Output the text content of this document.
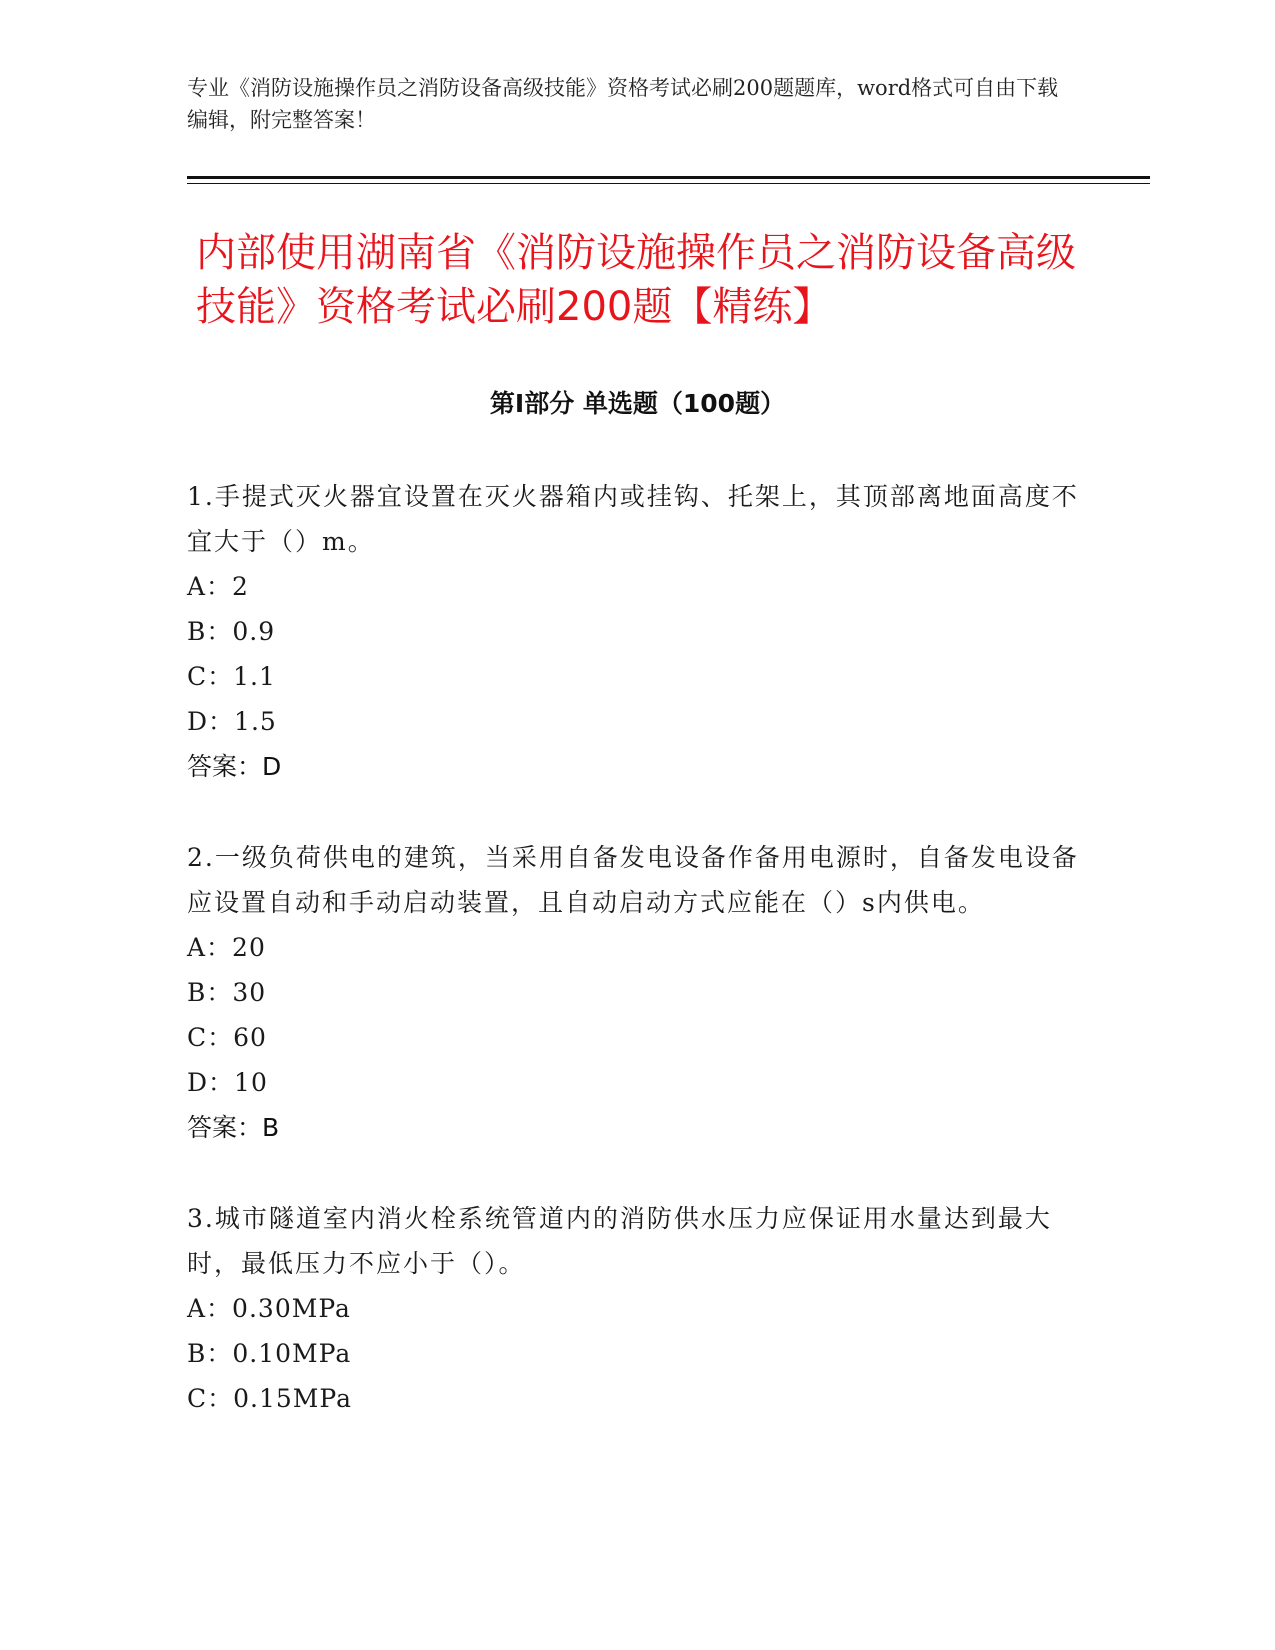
专业《消防设施操作员之消防设备高级技能》资格考试必刷200题题库，word格式可自由下载编辑，附完整答案！

内部使用湖南省《消防设施操作员之消防设备高级技能》资格考试必刷200题【精练】
第I部分 单选题（100题）

1.手提式灭火器宜设置在灭火器箱内或挂钩、托架上，其顶部离地面高度不宜大于（）m。

A：2

B：0.9

C：1.1

D：1.5

答案：D

2.一级负荷供电的建筑，当采用自备发电设备作备用电源时，自备发电设备应设置自动和手动启动装置，且自动启动方式应能在（）s内供电。

A：20

B：30

C：60

D：10

答案：B

3.城市隧道室内消火栓系统管道内的消防供水压力应保证用水量达到最大时，最低压力不应小于（）。

A：0.30MPa

B：0.10MPa

C：0.15MPa
